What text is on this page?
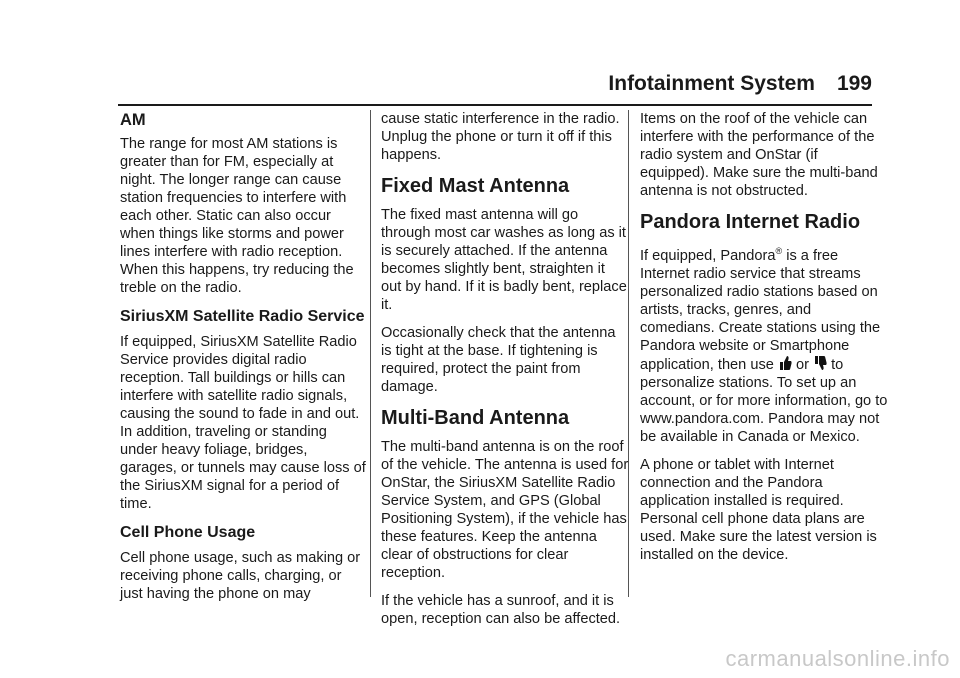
Infotainment System 199
AM

The range for most AM stations is greater than for FM, especially at night. The longer range can cause station frequencies to interfere with each other. Static can also occur when things like storms and power lines interfere with radio reception. When this happens, try reducing the treble on the radio.

SiriusXM Satellite Radio Service

If equipped, SiriusXM Satellite Radio Service provides digital radio reception. Tall buildings or hills can interfere with satellite radio signals, causing the sound to fade in and out. In addition, traveling or standing under heavy foliage, bridges, garages, or tunnels may cause loss of the SiriusXM signal for a period of time.

Cell Phone Usage

Cell phone usage, such as making or receiving phone calls, charging, or just having the phone on may

cause static interference in the radio. Unplug the phone or turn it off if this happens.

Fixed Mast Antenna

The fixed mast antenna will go through most car washes as long as it is securely attached. If the antenna becomes slightly bent, straighten it out by hand. If it is badly bent, replace it.

Occasionally check that the antenna is tight at the base. If tightening is required, protect the paint from damage.

Multi-Band Antenna

The multi-band antenna is on the roof of the vehicle. The antenna is used for OnStar, the SiriusXM Satellite Radio Service System, and GPS (Global Positioning System), if the vehicle has these features. Keep the antenna clear of obstructions for clear reception.

If the vehicle has a sunroof, and it is open, reception can also be affected.

Items on the roof of the vehicle can interfere with the performance of the radio system and OnStar (if equipped). Make sure the multi-band antenna is not obstructed.

Pandora Internet Radio

If equipped, Pandora® is a free Internet radio service that streams personalized radio stations based on artists, tracks, genres, and comedians. Create stations using the Pandora website or Smartphone application, then use  or  to personalize stations. To set up an account, or for more information, go to www.pandora.com. Pandora may not be available in Canada or Mexico.

A phone or tablet with Internet connection and the Pandora application installed is required. Personal cell phone data plans are used. Make sure the latest version is installed on the device.

carmanualsonline.info
